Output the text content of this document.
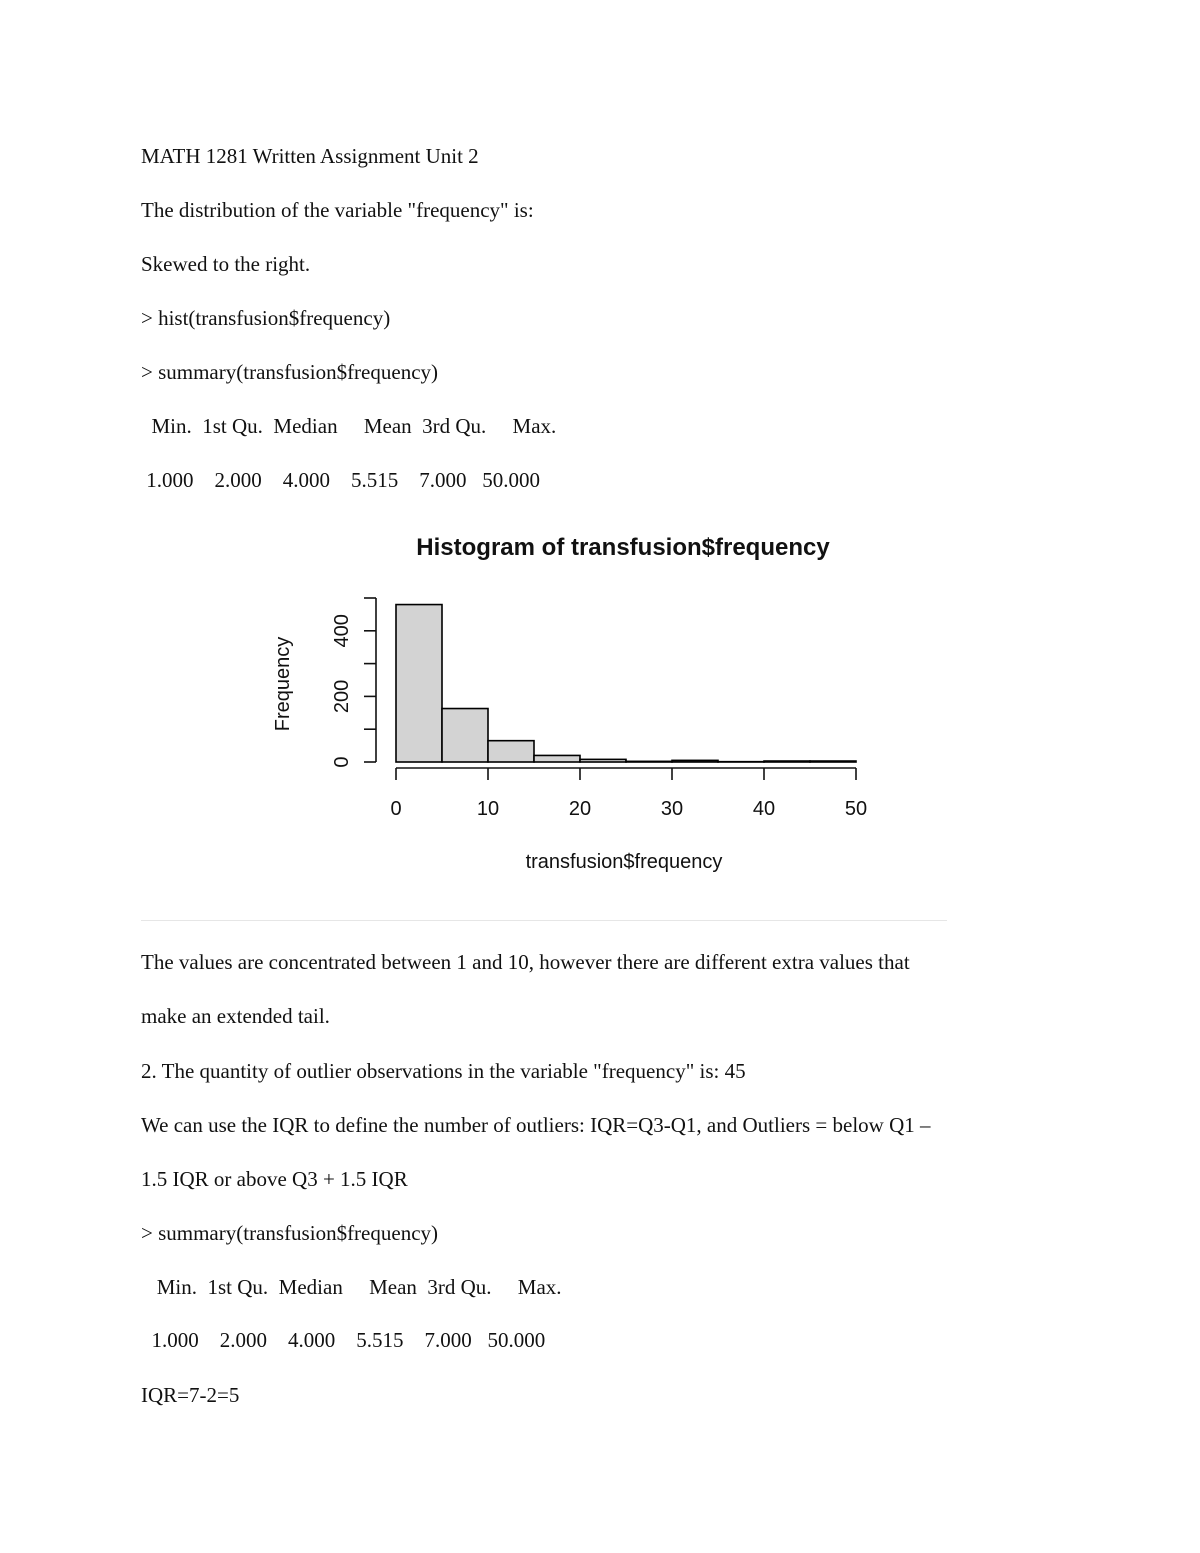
MATH 1281 Written Assignment Unit 2

The distribution of the variable "frequency" is:

Skewed to the right.

> hist(transfusion$frequency)

> summary(transfusion$frequency)

Min.  1st Qu.  Median     Mean  3rd Qu.     Max.

1.000    2.000    4.000    5.515    7.000   50.000

Histogram of transfusion$frequency
0	10	20	30	40	50
0
200
400
transfusion$frequency
Frequency

The values are concentrated between 1 and 10, however there are different extra values that

make an extended tail.

2. The quantity of outlier observations in the variable "frequency" is: 45

We can use the IQR to define the number of outliers: IQR=Q3-Q1, and Outliers = below Q1 –

1.5 IQR or above Q3 + 1.5 IQR

> summary(transfusion$frequency)

Min.  1st Qu.  Median     Mean  3rd Qu.     Max.

1.000    2.000    4.000    5.515    7.000   50.000

IQR=7-2=5
